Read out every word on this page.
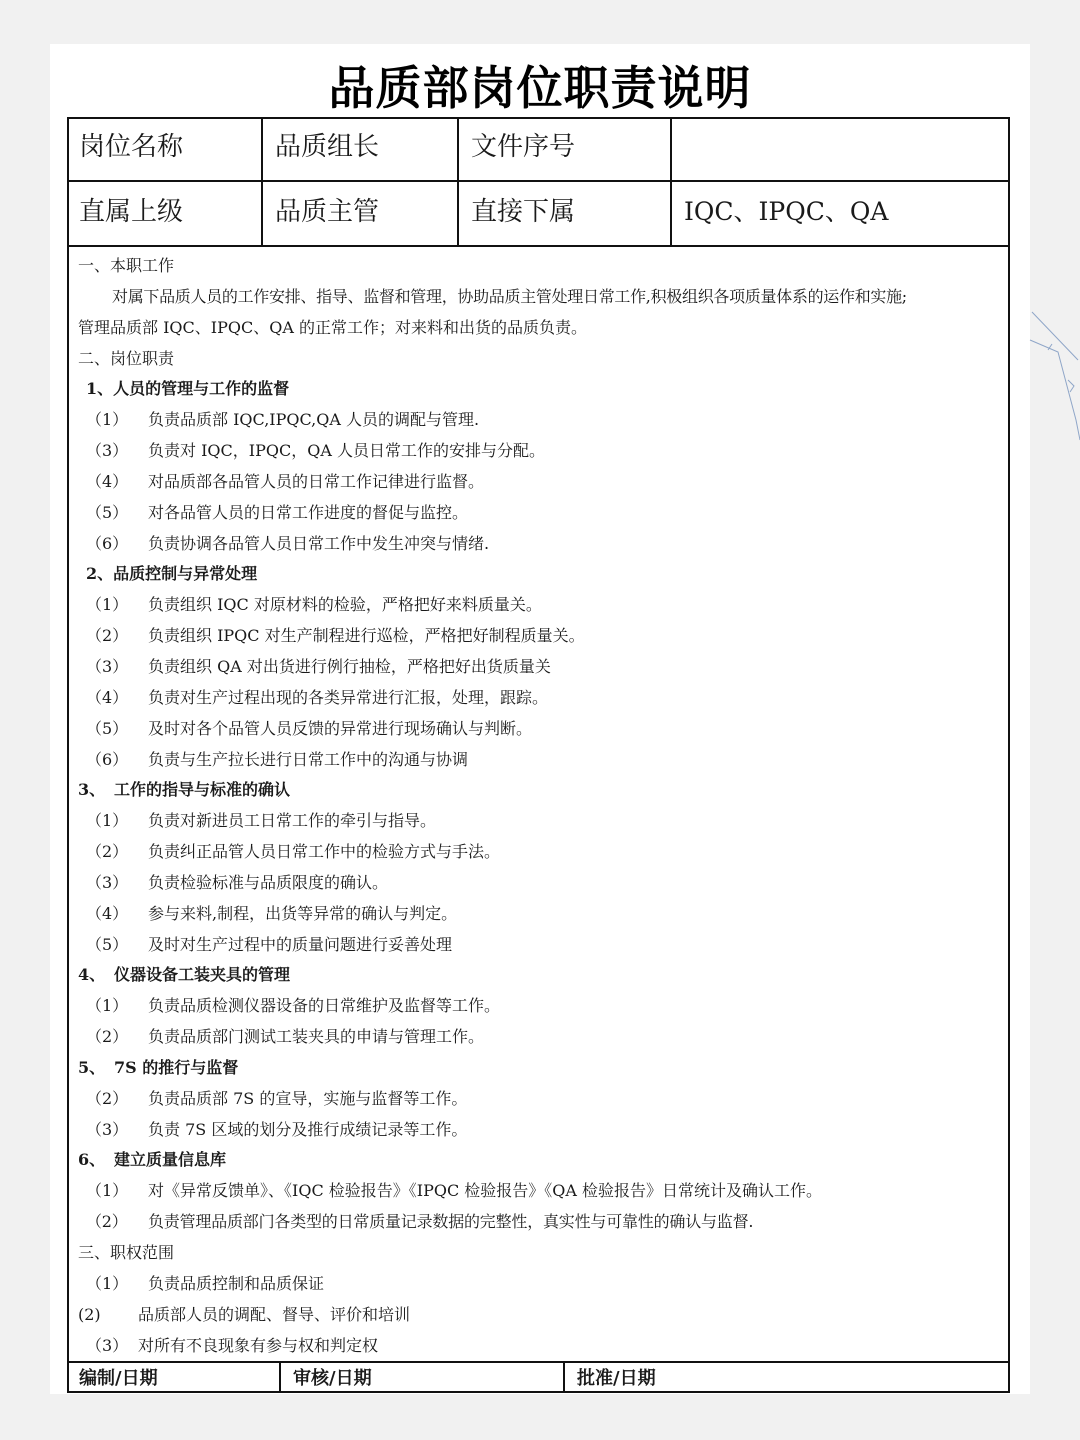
品质部岗位职责说明
岗位名称	品质组长	文件序号
直属上级	品质主管	直接下属	IQC、IPQC、QA
一、本职工作
对属下品质人员的工作安排、指导、监督和管理，协助品质主管处理日常工作,积极组织各项质量体系的运作和实施;
管理品质部 IQC、IPQC、QA 的正常工作；对来料和出货的品质负责。
二、岗位职责
1、人员的管理与工作的监督
（1） 负责品质部 IQC,IPQC,QA 人员的调配与管理.
（3） 负责对 IQC，IPQC，QA 人员日常工作的安排与分配。
（4） 对品质部各品管人员的日常工作记律进行监督。
（5） 对各品管人员的日常工作进度的督促与监控。
（6） 负责协调各品管人员日常工作中发生冲突与情绪.
2、品质控制与异常处理
（1） 负责组织 IQC 对原材料的检验，严格把好来料质量关。
（2） 负责组织 IPQC 对生产制程进行巡检，严格把好制程质量关。
（3） 负责组织 QA 对出货进行例行抽检，严格把好出货质量关
（4） 负责对生产过程出现的各类异常进行汇报，处理，跟踪。
（5） 及时对各个品管人员反馈的异常进行现场确认与判断。
（6） 负责与生产拉长进行日常工作中的沟通与协调
3、 工作的指导与标准的确认
（1） 负责对新进员工日常工作的牵引与指导。
（2） 负责纠正品管人员日常工作中的检验方式与手法。
（3） 负责检验标准与品质限度的确认。
（4） 参与来料,制程，出货等异常的确认与判定。
（5） 及时对生产过程中的质量问题进行妥善处理
4、 仪器设备工装夹具的管理
（1） 负责品质检测仪器设备的日常维护及监督等工作。
（2） 负责品质部门测试工装夹具的申请与管理工作。
5、 7S 的推行与监督
（2） 负责品质部 7S 的宣导，实施与监督等工作。
（3） 负责 7S 区域的划分及推行成绩记录等工作。
6、 建立质量信息库
（1） 对《异常反馈单》、《IQC 检验报告》《IPQC 检验报告》《QA 检验报告》日常统计及确认工作。
（2） 负责管理品质部门各类型的日常质量记录数据的完整性，真实性与可靠性的确认与监督.
三、职权范围
（1） 负责品质控制和品质保证
(2) 品质部人员的调配、督导、评价和培训
（3） 对所有不良现象有参与权和判定权
编制/日期	审核/日期	批准/日期
